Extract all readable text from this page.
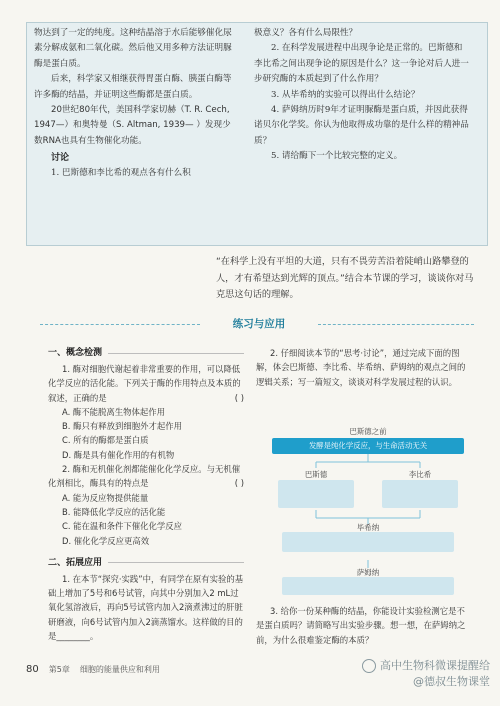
物达到了一定的纯度。这种结晶溶于水后能够催化尿素分解成氨和二氧化碳。然后他又用多种方法证明脲酶是蛋白质。

后来，科学家又相继获得胃蛋白酶、胰蛋白酶等许多酶的结晶，并证明这些酶都是蛋白质。

20世纪80年代，美国科学家切赫（T. R. Cech, 1947—）和奥特曼（S. Altman, 1939— ）发现少数RNA也具有生物催化功能。

讨论

1. 巴斯德和李比希的观点各有什么积

极意义？各有什么局限性？

2. 在科学发展进程中出现争论是正常的。巴斯德和李比希之间出现争论的原因是什么？这一争论对后人进一步研究酶的本质起到了什么作用？

3. 从毕希纳的实验可以得出什么结论？

4. 萨姆纳历时9年才证明脲酶是蛋白质，并因此获得诺贝尔化学奖。你认为他取得成功靠的是什么样的精神品质？

5. 请给酶下一个比较完整的定义。

“在科学上没有平坦的大道，只有不畏劳苦沿着陡峭山路攀登的人，才有希望达到光辉的顶点。”结合本节课的学习，谈谈你对马克思这句话的理解。

练习与应用
一、概念检测

1. 酶对细胞代谢起着非常重要的作用，可以降低化学反应的活化能。下列关于酶的作用特点及本质的叙述，正确的是	( )

A. 酶不能脱离生物体起作用

B. 酶只有释放到细胞外才起作用

C. 所有的酶都是蛋白质

D. 酶是具有催化作用的有机物

2. 酶和无机催化剂都能催化化学反应。与无机催化剂相比，酶具有的特点是	( )

A. 能为反应物提供能量

B. 能降低化学反应的活化能

C. 能在温和条件下催化化学反应

D. 催化化学反应更高效

二、拓展应用

1. 在本节“探究·实践”中，有同学在原有实验的基础上增加了5号和6号试管，向其中分别加入2 mL过氧化氢溶液后，再向5号试管内加入2滴煮沸过的肝脏研磨液，向6号试管内加入2滴蒸馏水。这样做的目的是________。

2. 仔细阅读本节的“思考·讨论”，通过完成下面的图解，体会巴斯德、李比希、毕希纳、萨姆纳的观点之间的逻辑关系；写一篇短文，谈谈对科学发展过程的认识。

巴斯德之前
发酵是纯化学反应，与生命活动无关
巴斯德	李比希
毕希纳
萨姆纳

3. 给你一份某种酶的结晶，你能设计实验检测它是不是蛋白质吗？请简略写出实验步骤。想一想，在萨姆纳之前，为什么很难鉴定酶的本质？

80 第5章 细胞的能量供应和利用	高中生物科微课提醒给
@德叔生物课堂
